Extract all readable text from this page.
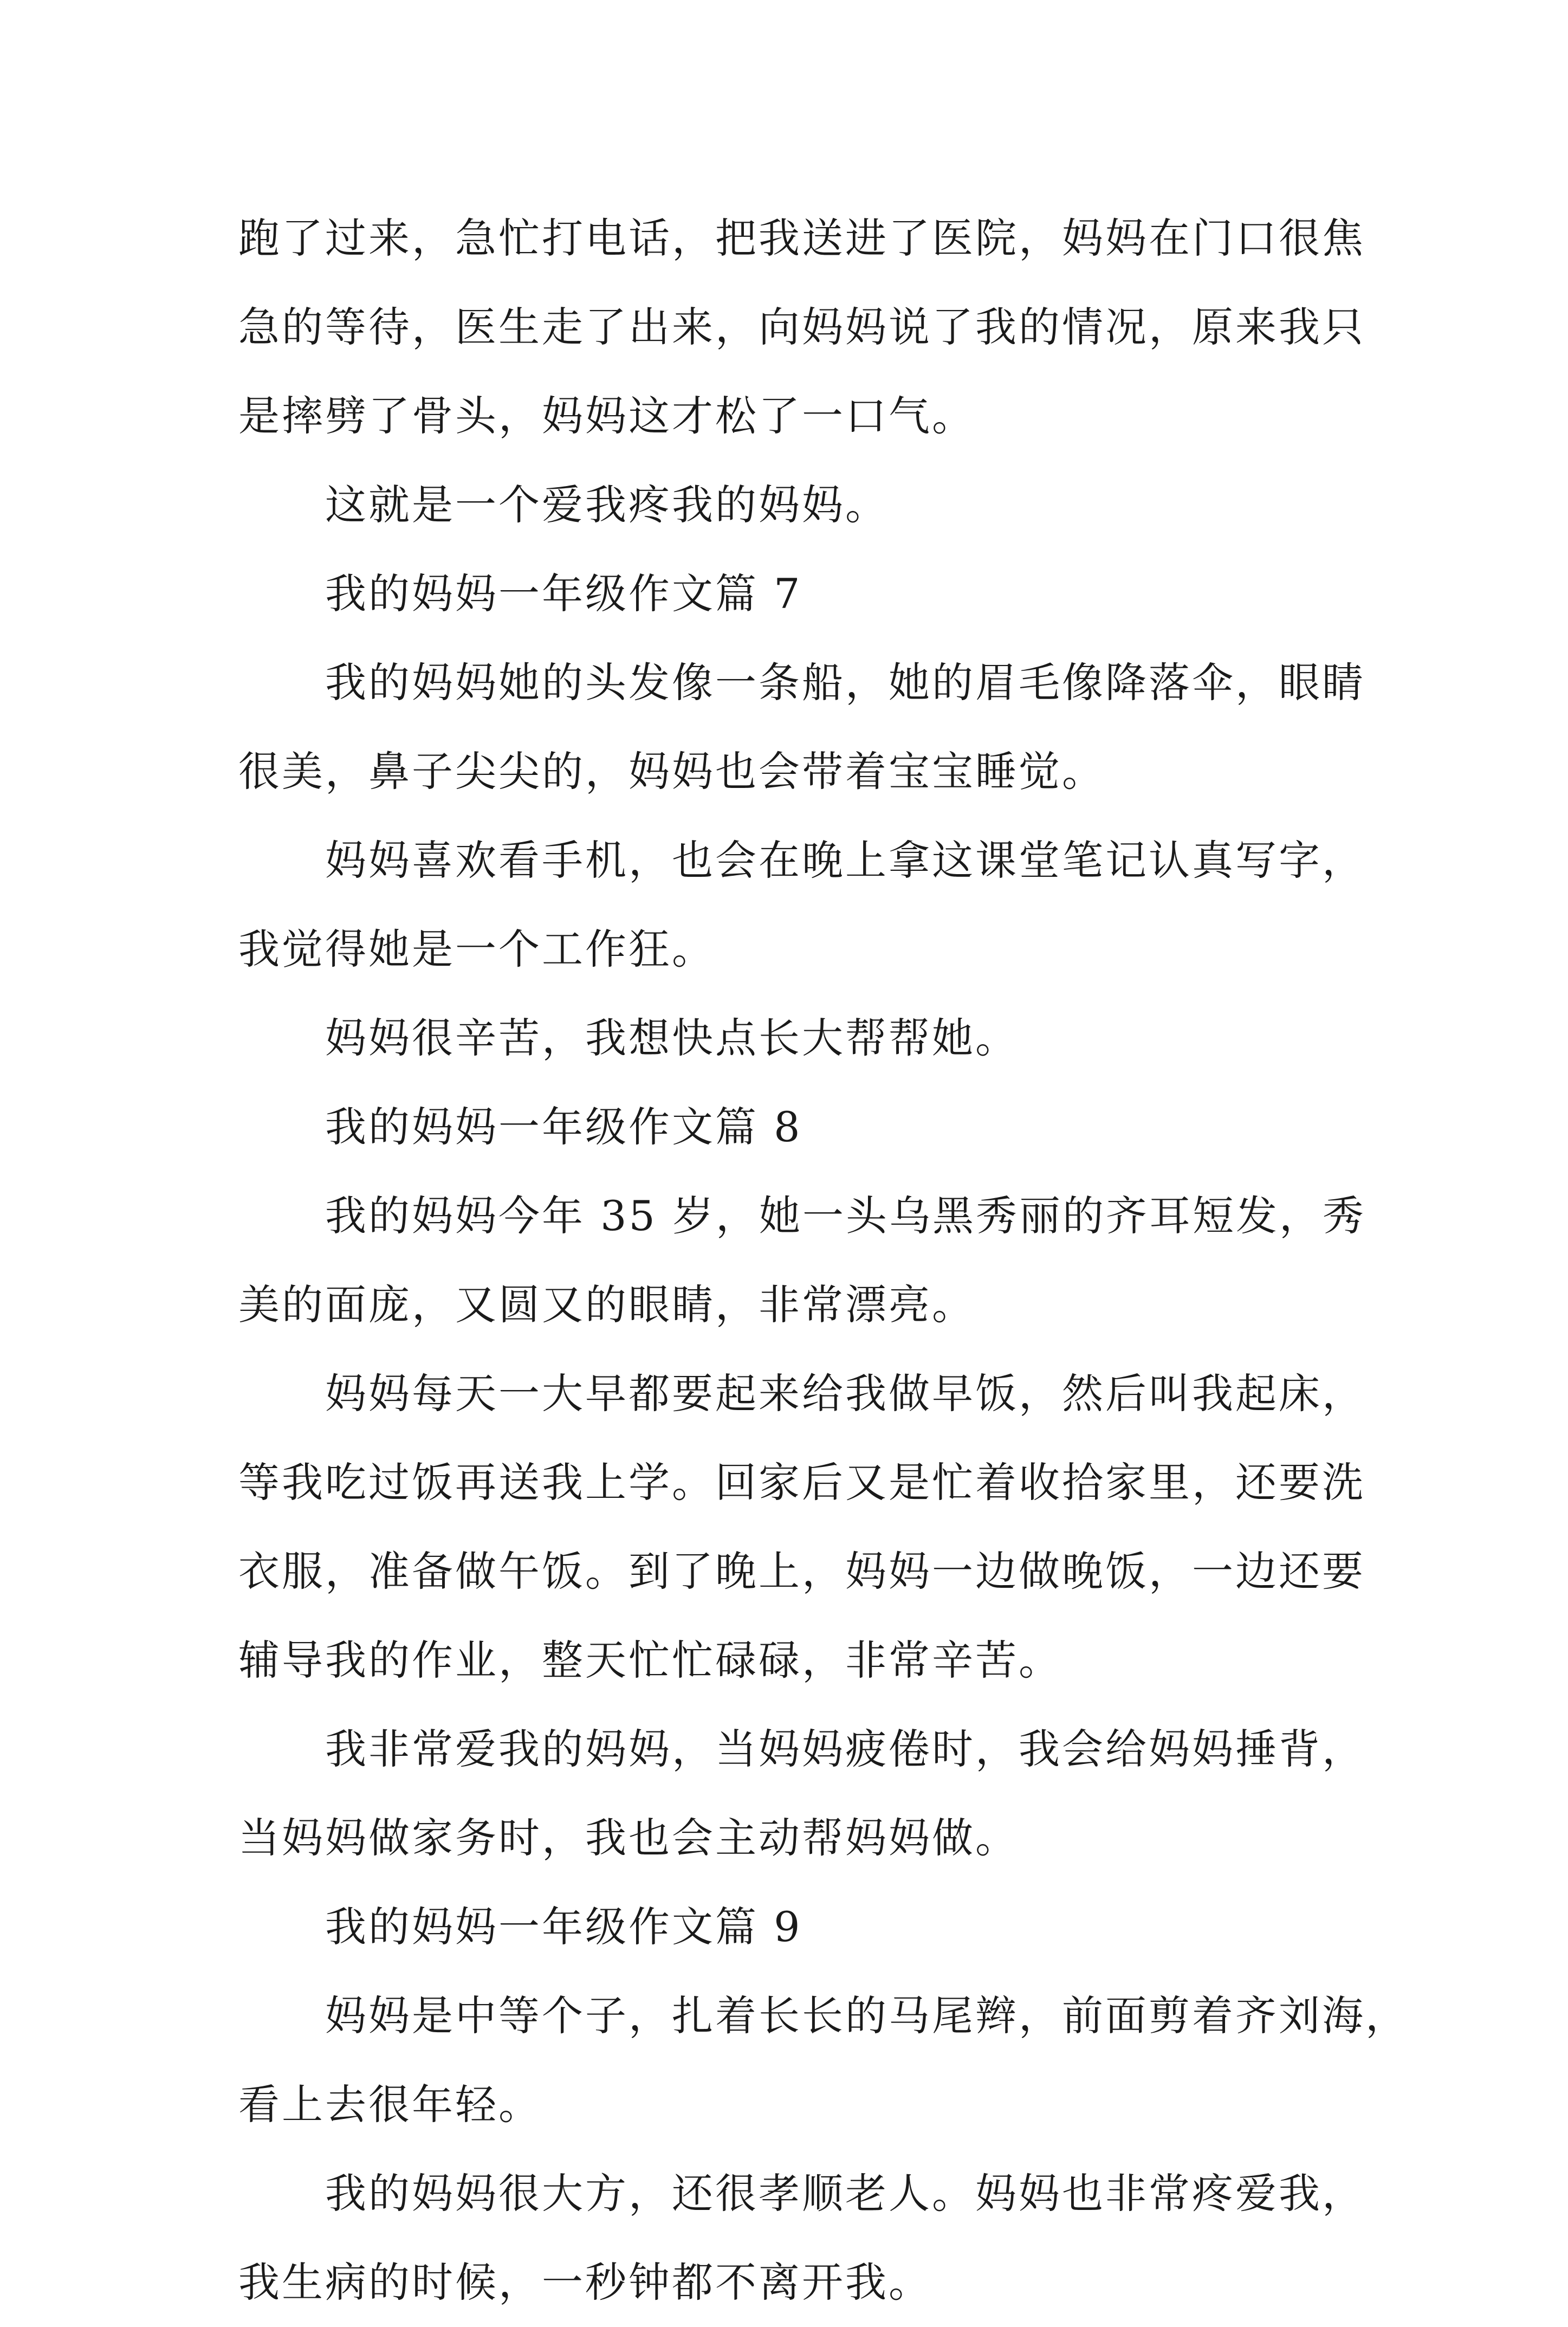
跑了过来，急忙打电话，把我送进了医院，妈妈在门口很焦
急的等待，医生走了出来，向妈妈说了我的情况，原来我只
是摔劈了骨头，妈妈这才松了一口气。
这就是一个爱我疼我的妈妈。
我的妈妈一年级作文篇 7
我的妈妈她的头发像一条船，她的眉毛像降落伞，眼睛
很美，鼻子尖尖的，妈妈也会带着宝宝睡觉。
妈妈喜欢看手机，也会在晚上拿这课堂笔记认真写字，
我觉得她是一个工作狂。
妈妈很辛苦，我想快点长大帮帮她。
我的妈妈一年级作文篇 8
我的妈妈今年 35 岁，她一头乌黑秀丽的齐耳短发，秀
美的面庞，又圆又的眼睛，非常漂亮。
妈妈每天一大早都要起来给我做早饭，然后叫我起床，
等我吃过饭再送我上学。回家后又是忙着收拾家里，还要洗
衣服，准备做午饭。到了晚上，妈妈一边做晚饭，一边还要
辅导我的作业，整天忙忙碌碌，非常辛苦。
我非常爱我的妈妈，当妈妈疲倦时，我会给妈妈捶背，
当妈妈做家务时，我也会主动帮妈妈做。
我的妈妈一年级作文篇 9
妈妈是中等个子，扎着长长的马尾辫，前面剪着齐刘海，
看上去很年轻。
我的妈妈很大方，还很孝顺老人。妈妈也非常疼爱我，
我生病的时候，一秒钟都不离开我。
